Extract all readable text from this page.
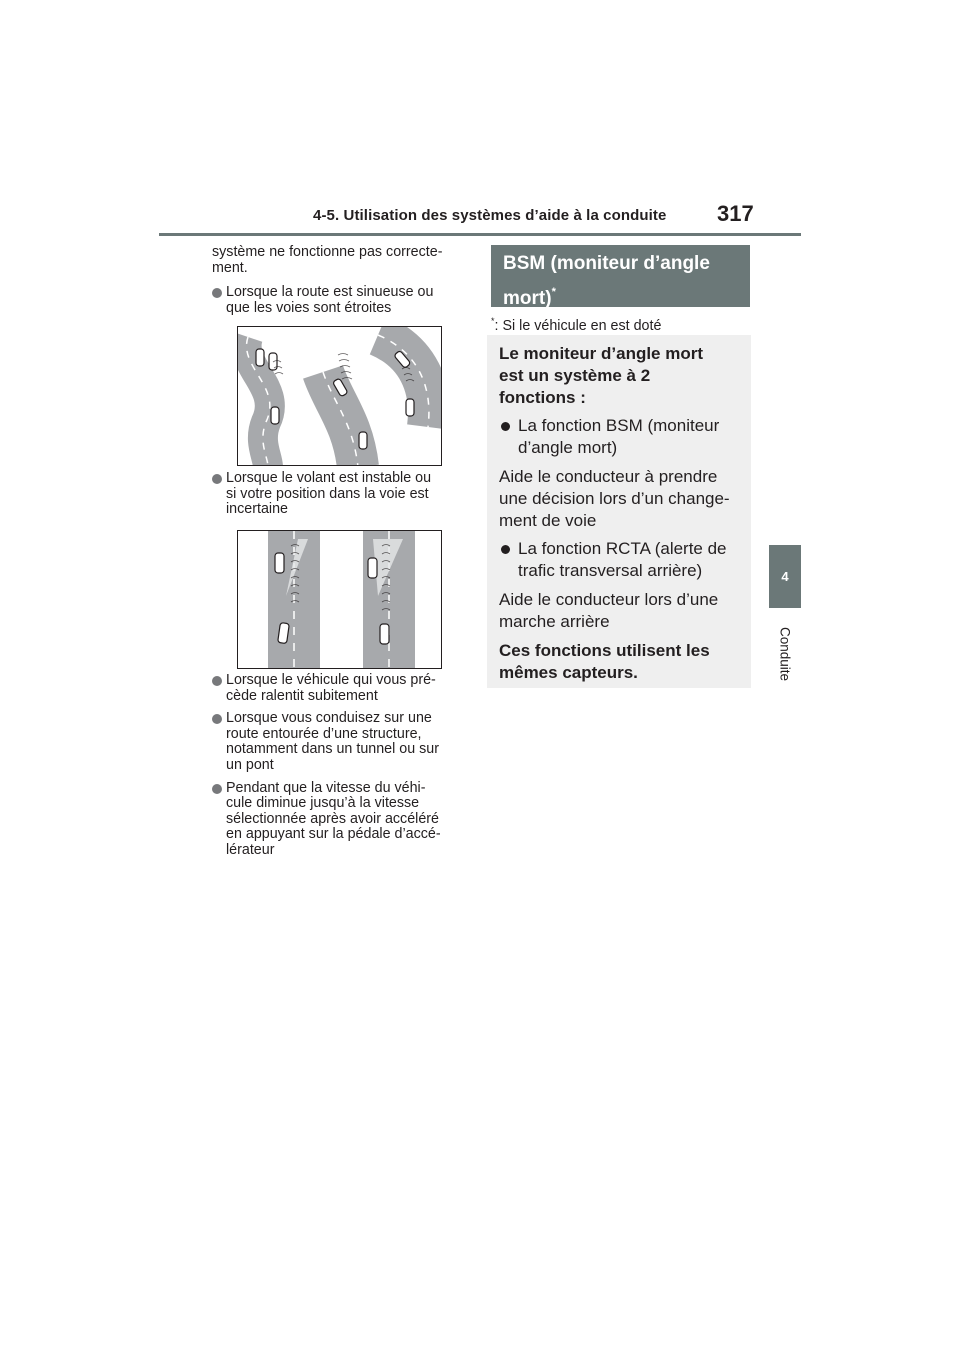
4-5. Utilisation des systèmes d’aide à la conduite 317
4
Conduite

système ne fonctionne pas correcte-
ment.

Lorsque la route est sinueuse ou
que les voies sont étroites
Lorsque le volant est instable ou
si votre position dans la voie est
incertaine
Lorsque le véhicule qui vous pré-
cède ralentit subitement
Lorsque vous conduisez sur une
route entourée d’une structure,
notamment dans un tunnel ou sur
un pont
Pendant que la vitesse du véhi-
cule diminue jusqu’à la vitesse
sélectionnée après avoir accéléré
en appuyant sur la pédale d’accé-
lérateur
BSM (moniteur d’angle
mort)*
*: Si le véhicule en est doté

Le moniteur d’angle mort
est un système à 2
fonctions :

La fonction BSM (moniteur
d’angle mort)

Aide le conducteur à prendre
une décision lors d’un change-
ment de voie

La fonction RCTA (alerte de
trafic transversal arrière)

Aide le conducteur lors d’une
marche arrière

Ces fonctions utilisent les
mêmes capteurs.
